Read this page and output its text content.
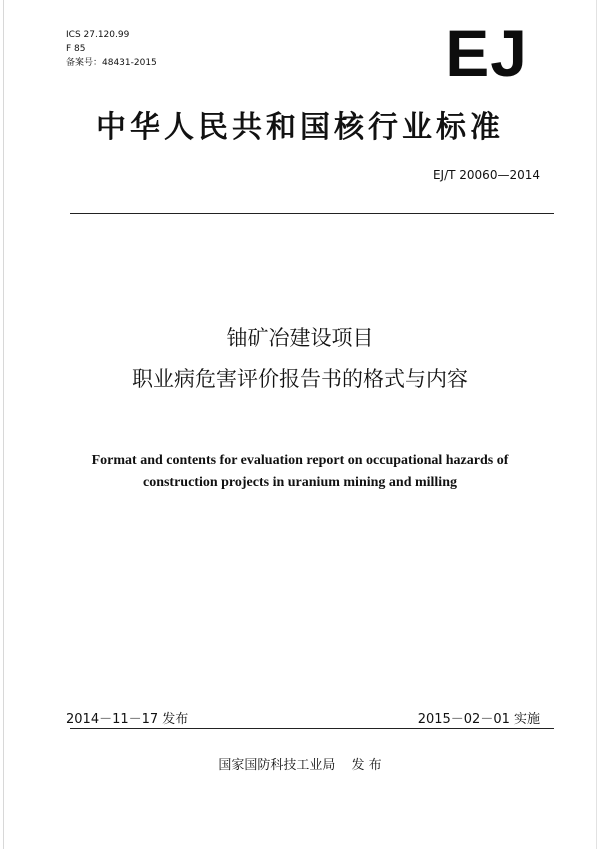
ICS 27.120.99
F 85
备案号：48431-2015	EJ
中华人民共和国核行业标准
EJ/T 20060—2014
铀矿冶建设项目
职业病危害评价报告书的格式与内容
Format and contents for evaluation report on occupational hazards of
construction projects in uranium mining and milling
2014－11－17 发布	2015－02－01 实施
国家国防科技工业局 发 布
